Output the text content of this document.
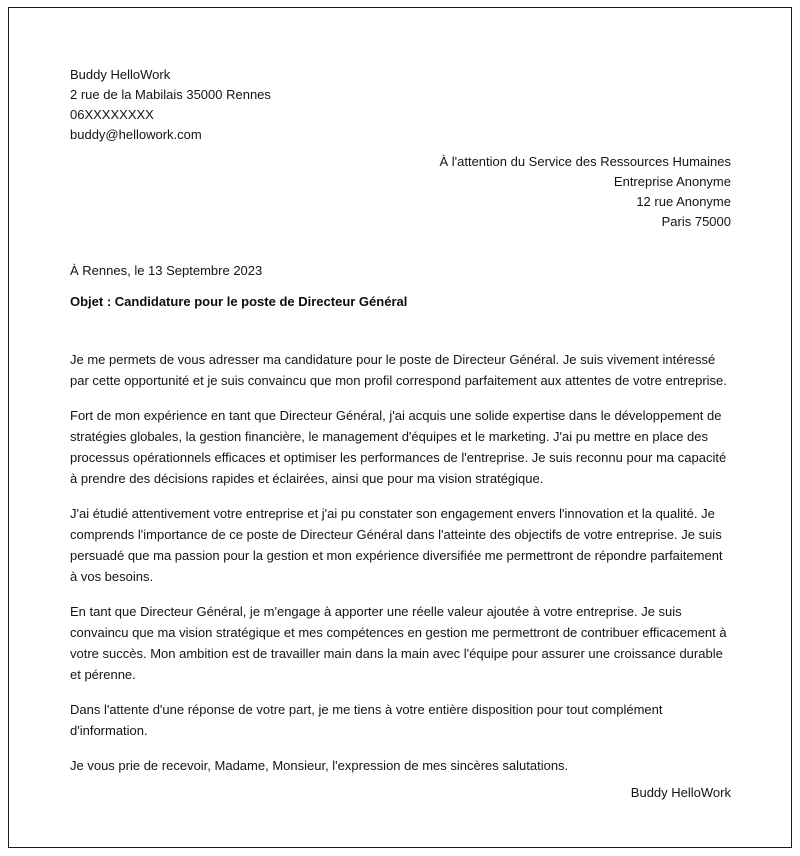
Buddy HelloWork
2 rue de la Mabilais 35000 Rennes
06XXXXXXXX
buddy@hellowork.com
À l'attention du Service des Ressources Humaines
Entreprise Anonyme
12 rue Anonyme
Paris 75000
À Rennes, le 13 Septembre 2023
Objet : Candidature pour le poste de Directeur Général

Je me permets de vous adresser ma candidature pour le poste de Directeur Général. Je suis vivement intéressé par cette opportunité et je suis convaincu que mon profil correspond parfaitement aux attentes de votre entreprise.

Fort de mon expérience en tant que Directeur Général, j'ai acquis une solide expertise dans le développement de stratégies globales, la gestion financière, le management d'équipes et le marketing. J'ai pu mettre en place des processus opérationnels efficaces et optimiser les performances de l'entreprise. Je suis reconnu pour ma capacité à prendre des décisions rapides et éclairées, ainsi que pour ma vision stratégique.

J'ai étudié attentivement votre entreprise et j'ai pu constater son engagement envers l'innovation et la qualité. Je comprends l'importance de ce poste de Directeur Général dans l'atteinte des objectifs de votre entreprise. Je suis persuadé que ma passion pour la gestion et mon expérience diversifiée me permettront de répondre parfaitement à vos besoins.

En tant que Directeur Général, je m'engage à apporter une réelle valeur ajoutée à votre entreprise. Je suis convaincu que ma vision stratégique et mes compétences en gestion me permettront de contribuer efficacement à votre succès. Mon ambition est de travailler main dans la main avec l'équipe pour assurer une croissance durable et pérenne.

Dans l'attente d'une réponse de votre part, je me tiens à votre entière disposition pour tout complément d'information.

Je vous prie de recevoir, Madame, Monsieur, l'expression de mes sincères salutations.

Buddy HelloWork
